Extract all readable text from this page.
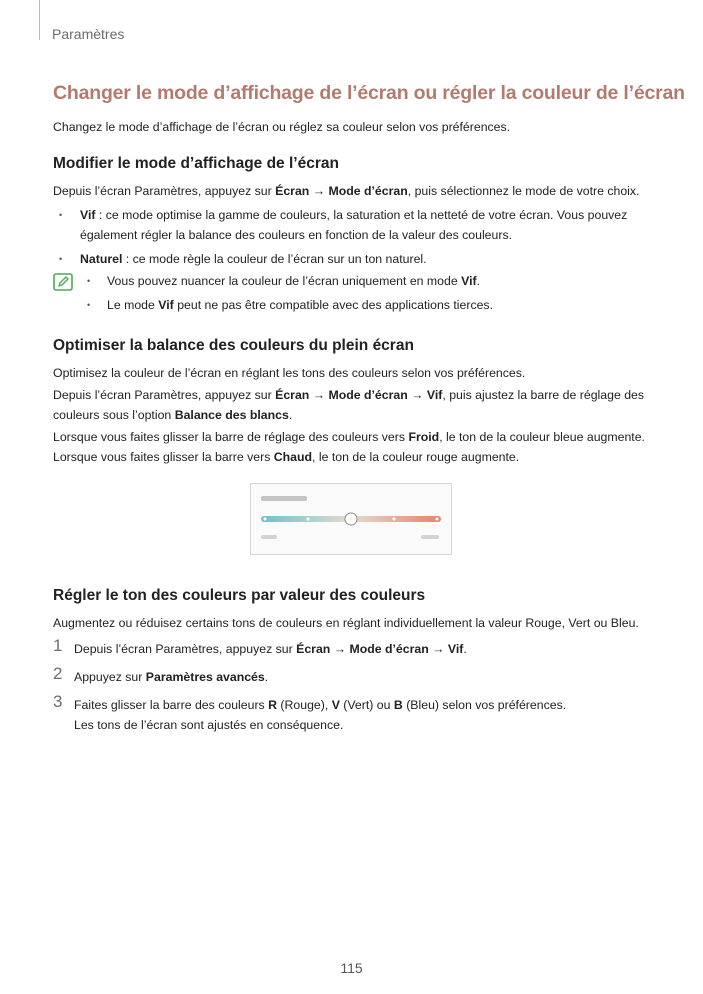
Paramètres
Changer le mode d’affichage de l’écran ou régler la couleur de l’écran

Changez le mode d’affichage de l’écran ou réglez sa couleur selon vos préférences.

Modifier le mode d’affichage de l’écran

Depuis l’écran Paramètres, appuyez sur Écran → Mode d’écran, puis sélectionnez le mode de votre choix.

• Vif : ce mode optimise la gamme de couleurs, la saturation et la netteté de votre écran. Vous pouvez également régler la balance des couleurs en fonction de la valeur des couleurs.
• Naturel : ce mode règle la couleur de l’écran sur un ton naturel.
• Vous pouvez nuancer la couleur de l’écran uniquement en mode Vif.
• Le mode Vif peut ne pas être compatible avec des applications tierces.
Optimiser la balance des couleurs du plein écran

Optimisez la couleur de l’écran en réglant les tons des couleurs selon vos préférences.

Depuis l’écran Paramètres, appuyez sur Écran → Mode d’écran → Vif, puis ajustez la barre de réglage des couleurs sous l’option Balance des blancs.

Lorsque vous faites glisser la barre de réglage des couleurs vers Froid, le ton de la couleur bleue augmente. Lorsque vous faites glisser la barre vers Chaud, le ton de la couleur rouge augmente.

Régler le ton des couleurs par valeur des couleurs

Augmentez ou réduisez certains tons de couleurs en réglant individuellement la valeur Rouge, Vert ou Bleu.

1 Depuis l’écran Paramètres, appuyez sur Écran → Mode d’écran → Vif.
2 Appuyez sur Paramètres avancés.
3 Faites glisser la barre des couleurs R (Rouge), V (Vert) ou B (Bleu) selon vos préférences.
Les tons de l’écran sont ajustés en conséquence.
115
